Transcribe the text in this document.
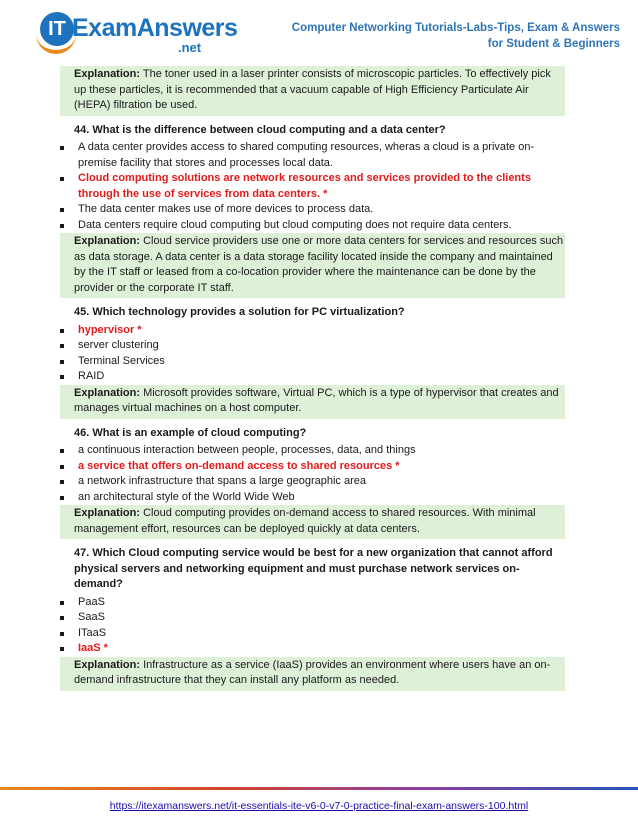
IT ExamAnswers
.net
Computer Networking Tutorials-Labs-Tips, Exam & Answers
for Student & Beginners
Explanation: The toner used in a laser printer consists of microscopic particles. To effectively pick up these particles, it is recommended that a vacuum capable of High Efficiency Particulate Air (HEPA) filtration be used.
44. What is the difference between cloud computing and a data center?
A data center provides access to shared computing resources, wheras a cloud is a private on-premise facility that stores and processes local data.
Cloud computing solutions are network resources and services provided to the clients through the use of services from data centers. *
The data center makes use of more devices to process data.
Data centers require cloud computing but cloud computing does not require data centers.
Explanation: Cloud service providers use one or more data centers for services and resources such as data storage. A data center is a data storage facility located inside the company and maintained by the IT staff or leased from a co-location provider where the maintenance can be done by the provider or the corporate IT staff.
45. Which technology provides a solution for PC virtualization?
hypervisor *
server clustering
Terminal Services
RAID
Explanation: Microsoft provides software, Virtual PC, which is a type of hypervisor that creates and manages virtual machines on a host computer.
46. What is an example of cloud computing?
a continuous interaction between people, processes, data, and things
a service that offers on-demand access to shared resources *
a network infrastructure that spans a large geographic area
an architectural style of the World Wide Web
Explanation: Cloud computing provides on-demand access to shared resources. With minimal management effort, resources can be deployed quickly at data centers.
47. Which Cloud computing service would be best for a new organization that cannot afford physical servers and networking equipment and must purchase network services on-demand?
PaaS
SaaS
ITaaS
IaaS *
Explanation: Infrastructure as a service (IaaS) provides an environment where users have an on-demand infrastructure that they can install any platform as needed.
https://itexamanswers.net/it-essentials-ite-v6-0-v7-0-practice-final-exam-answers-100.html
